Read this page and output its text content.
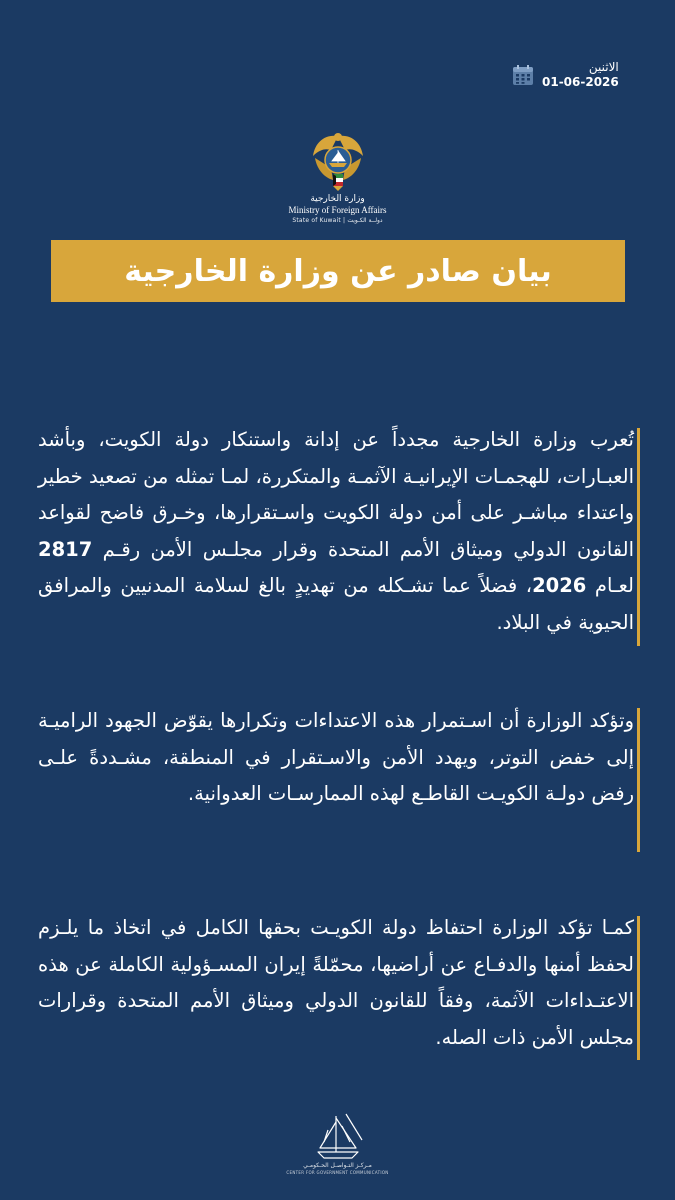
الاثنين
01-06-2026
وزارة الخارجية
Ministry of Foreign Affairs
State of Kuwait | دولــة الكـويت
بيان صادر عن وزارة الخارجية
تُعرب وزارة الخارجية مجدداً عن إدانة واستنكار دولة الكويت، وبأشد العبـارات، للهجمـات الإيرانيـة الآثمـة والمتكررة، لمـا تمثله من تصعيد خطير واعتداء مباشـر على أمن دولة الكويت واسـتقرارها، وخـرق فاضح لقواعد القانون الدولي وميثاق الأمم المتحدة وقرار مجلـس الأمن رقـم 2817 لعـام 2026، فضلاً عما تشـكله من تهديدٍ بالغ لسلامة المدنيين والمرافق الحيوية في البلاد.
وتؤكد الوزارة أن اسـتمرار هذه الاعتداءات وتكرارها يقوّض الجهود الراميـة إلى خفض التوتر، ويهدد الأمن والاسـتقرار في المنطقة، مشـددةً علـى رفض دولـة الكويـت القاطـع لهذه الممارسـات العدوانية.
كمـا تؤكد الوزارة احتفاظ دولة الكويـت بحقها الكامل في اتخاذ ما يلـزم لحفظ أمنها والدفـاع عن أراضيها، محمّلةً إيران المسـؤولية الكاملة عن هذه الاعتـداءات الآثمة، وفقاً للقانون الدولي وميثاق الأمم المتحدة وقرارات مجلس الأمن ذات الصله.
مـركـز التـواصـل الحـكومـي
CENTER FOR GOVERNMENT COMMUNICATION
